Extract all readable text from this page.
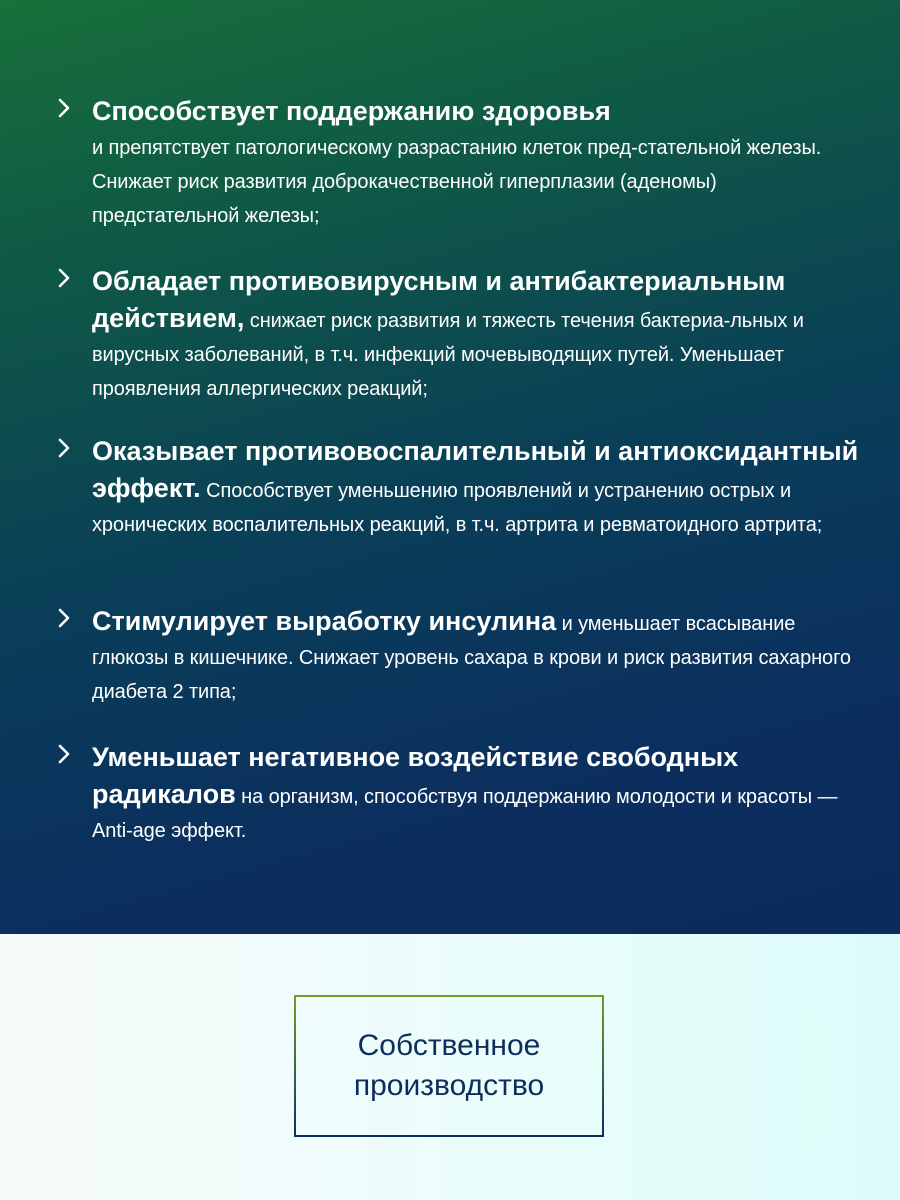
Способствует поддержанию здоровья
и препятствует патологическому разрастанию клеток пред-стательной железы. Снижает риск развития доброкачественной гиперплазии (аденомы) предстательной железы;
Обладает противовирусным и антибактериальным действием, снижает риск развития и тяжесть течения бактериа-льных и вирусных заболеваний, в т.ч. инфекций мочевыводящих путей. Уменьшает проявления аллергических реакций;
Оказывает противовоспалительный и антиоксидантный эффект. Способствует уменьшению проявлений и устранению острых и хронических воспалительных реакций, в т.ч. артрита и ревматоидного артрита;
Стимулирует выработку инсулина и уменьшает всасывание глюкозы в кишечнике. Снижает уровень сахара в крови и риск развития сахарного диабета 2 типа;
Уменьшает негативное воздействие свободных радикалов на организм, способствуя поддержанию молодости и красоты — Anti-age эффект.
Собственное
производство
